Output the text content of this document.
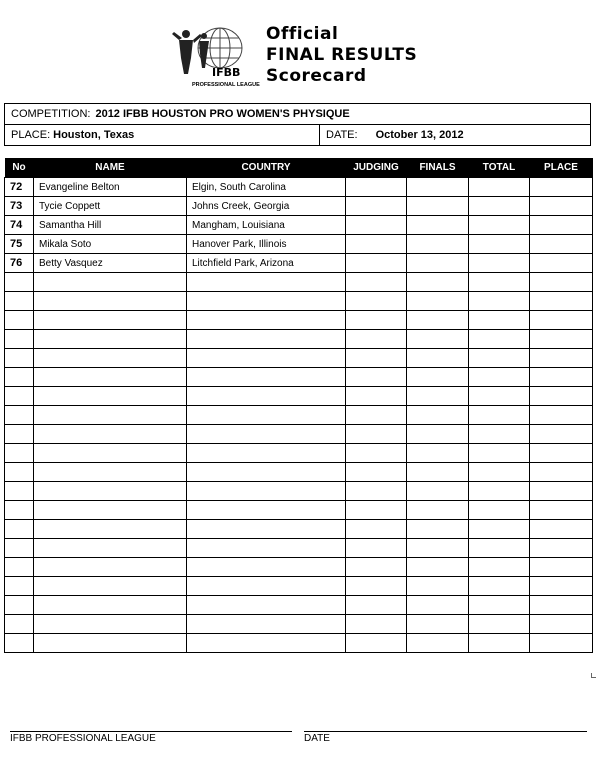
IFBB
PROFESSIONAL LEAGUE
Official
FINAL RESULTS
Scorecard
COMPETITION: 2012 IFBB HOUSTON PRO WOMEN'S PHYSIQUE
PLACE: Houston, Texas	DATE: October 13, 2012
No	NAME	COUNTRY	JUDGING	FINALS	TOTAL	PLACE
72	Evangeline Belton	Elgin, South Carolina				
73	Tycie Coppett	Johns Creek, Georgia				
74	Samantha Hill	Mangham, Louisiana				
75	Mikala Soto	Hanover Park, Illinois				
76	Betty Vasquez	Litchfield Park, Arizona				

IFBB PROFESSIONAL LEAGUE	DATE
